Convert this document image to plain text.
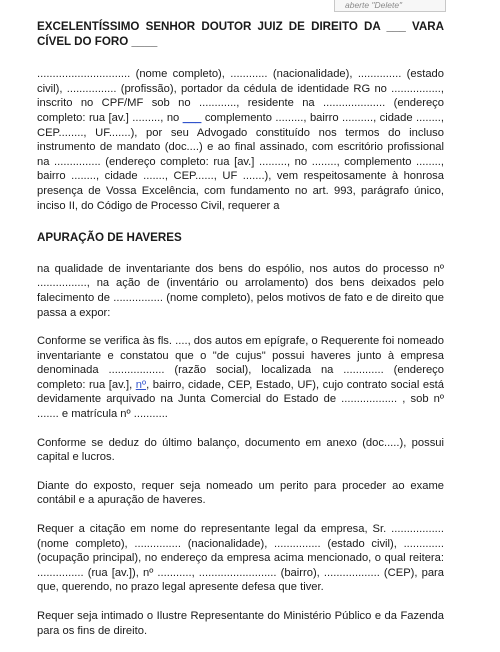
aberte "Delete"

EXCELENTÍSSIMO SENHOR DOUTOR JUIZ DE DIREITO DA ___ VARA CÍVEL DO FORO ____

.............................. (nome completo), ............ (nacionalidade), .............. (estado civil), ................ (profissão), portador da cédula de identidade RG no ................, inscrito no CPF/MF sob no ............, residente na .................... (endereço completo: rua [av.] ........., no ___ complemento ........., bairro .........., cidade ........, CEP........, UF.......), por seu Advogado constituído nos termos do incluso instrumento de mandato (doc....) e ao final assinado, com escritório profissional na ............... (endereço completo: rua [av.] ........., no ........, complemento ........, bairro ........, cidade ......., CEP......, UF .......), vem respeitosamente à honrosa presença de Vossa Excelência, com fundamento no art. 993, parágrafo único, inciso II, do Código de Processo Civil, requerer a

APURAÇÃO DE HAVERES

na qualidade de inventariante dos bens do espólio, nos autos do processo nº ................, na ação de (inventário ou arrolamento) dos bens deixados pelo falecimento de ................ (nome completo), pelos motivos de fato e de direito que passa a expor:

Conforme se verifica às fls. ...., dos autos em epígrafe, o Requerente foi nomeado inventariante e constatou que o "de cujus" possui haveres junto à empresa denominada .................. (razão social), localizada na ............. (endereço completo: rua [av.], nº, bairro, cidade, CEP, Estado, UF), cujo contrato social está devidamente arquivado na Junta Comercial do Estado de .................. , sob nº ....... e matrícula nº ...........

Conforme se deduz do último balanço, documento em anexo (doc.....), possui capital e lucros.

Diante do exposto, requer seja nomeado um perito para proceder ao exame contábil e a apuração de haveres.

Requer a citação em nome do representante legal da empresa, Sr. ................. (nome completo), ............... (nacionalidade), ............... (estado civil), ............. (ocupação principal), no endereço da empresa acima mencionado, o qual reitera: ............... (rua [av.]), nº ..........., ......................... (bairro), .................. (CEP), para que, querendo, no prazo legal apresente defesa que tiver.

Requer seja intimado o Ilustre Representante do Ministério Público e da Fazenda para os fins de direito.
